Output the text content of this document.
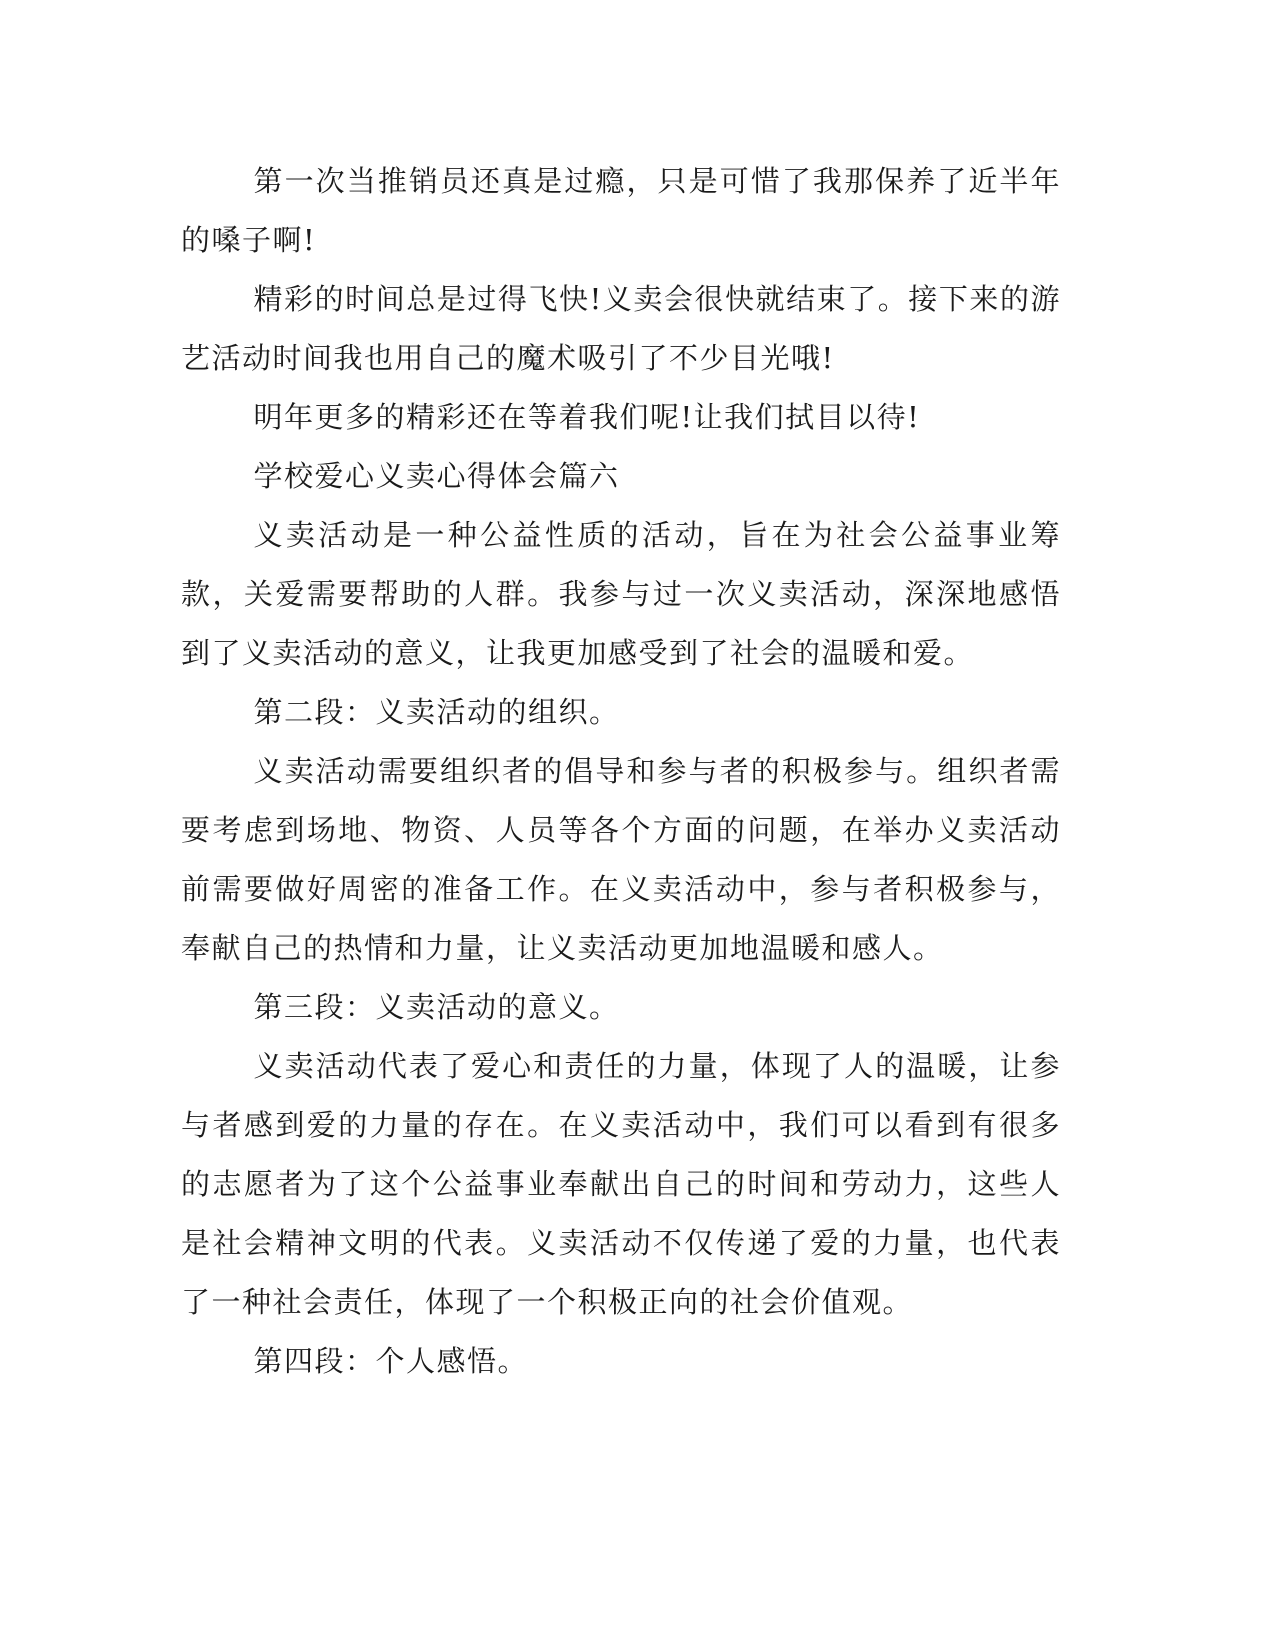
第一次当推销员还真是过瘾，只是可惜了我那保养了近半年的嗓子啊!

精彩的时间总是过得飞快!义卖会很快就结束了。接下来的游艺活动时间我也用自己的魔术吸引了不少目光哦!

明年更多的精彩还在等着我们呢!让我们拭目以待!

学校爱心义卖心得体会篇六

义卖活动是一种公益性质的活动，旨在为社会公益事业筹款，关爱需要帮助的人群。我参与过一次义卖活动，深深地感悟到了义卖活动的意义，让我更加感受到了社会的温暖和爱。

第二段：义卖活动的组织。

义卖活动需要组织者的倡导和参与者的积极参与。组织者需要考虑到场地、物资、人员等各个方面的问题，在举办义卖活动前需要做好周密的准备工作。在义卖活动中，参与者积极参与，奉献自己的热情和力量，让义卖活动更加地温暖和感人。

第三段：义卖活动的意义。

义卖活动代表了爱心和责任的力量，体现了人的温暖，让参与者感到爱的力量的存在。在义卖活动中，我们可以看到有很多的志愿者为了这个公益事业奉献出自己的时间和劳动力，这些人是社会精神文明的代表。义卖活动不仅传递了爱的力量，也代表了一种社会责任，体现了一个积极正向的社会价值观。

第四段：个人感悟。
